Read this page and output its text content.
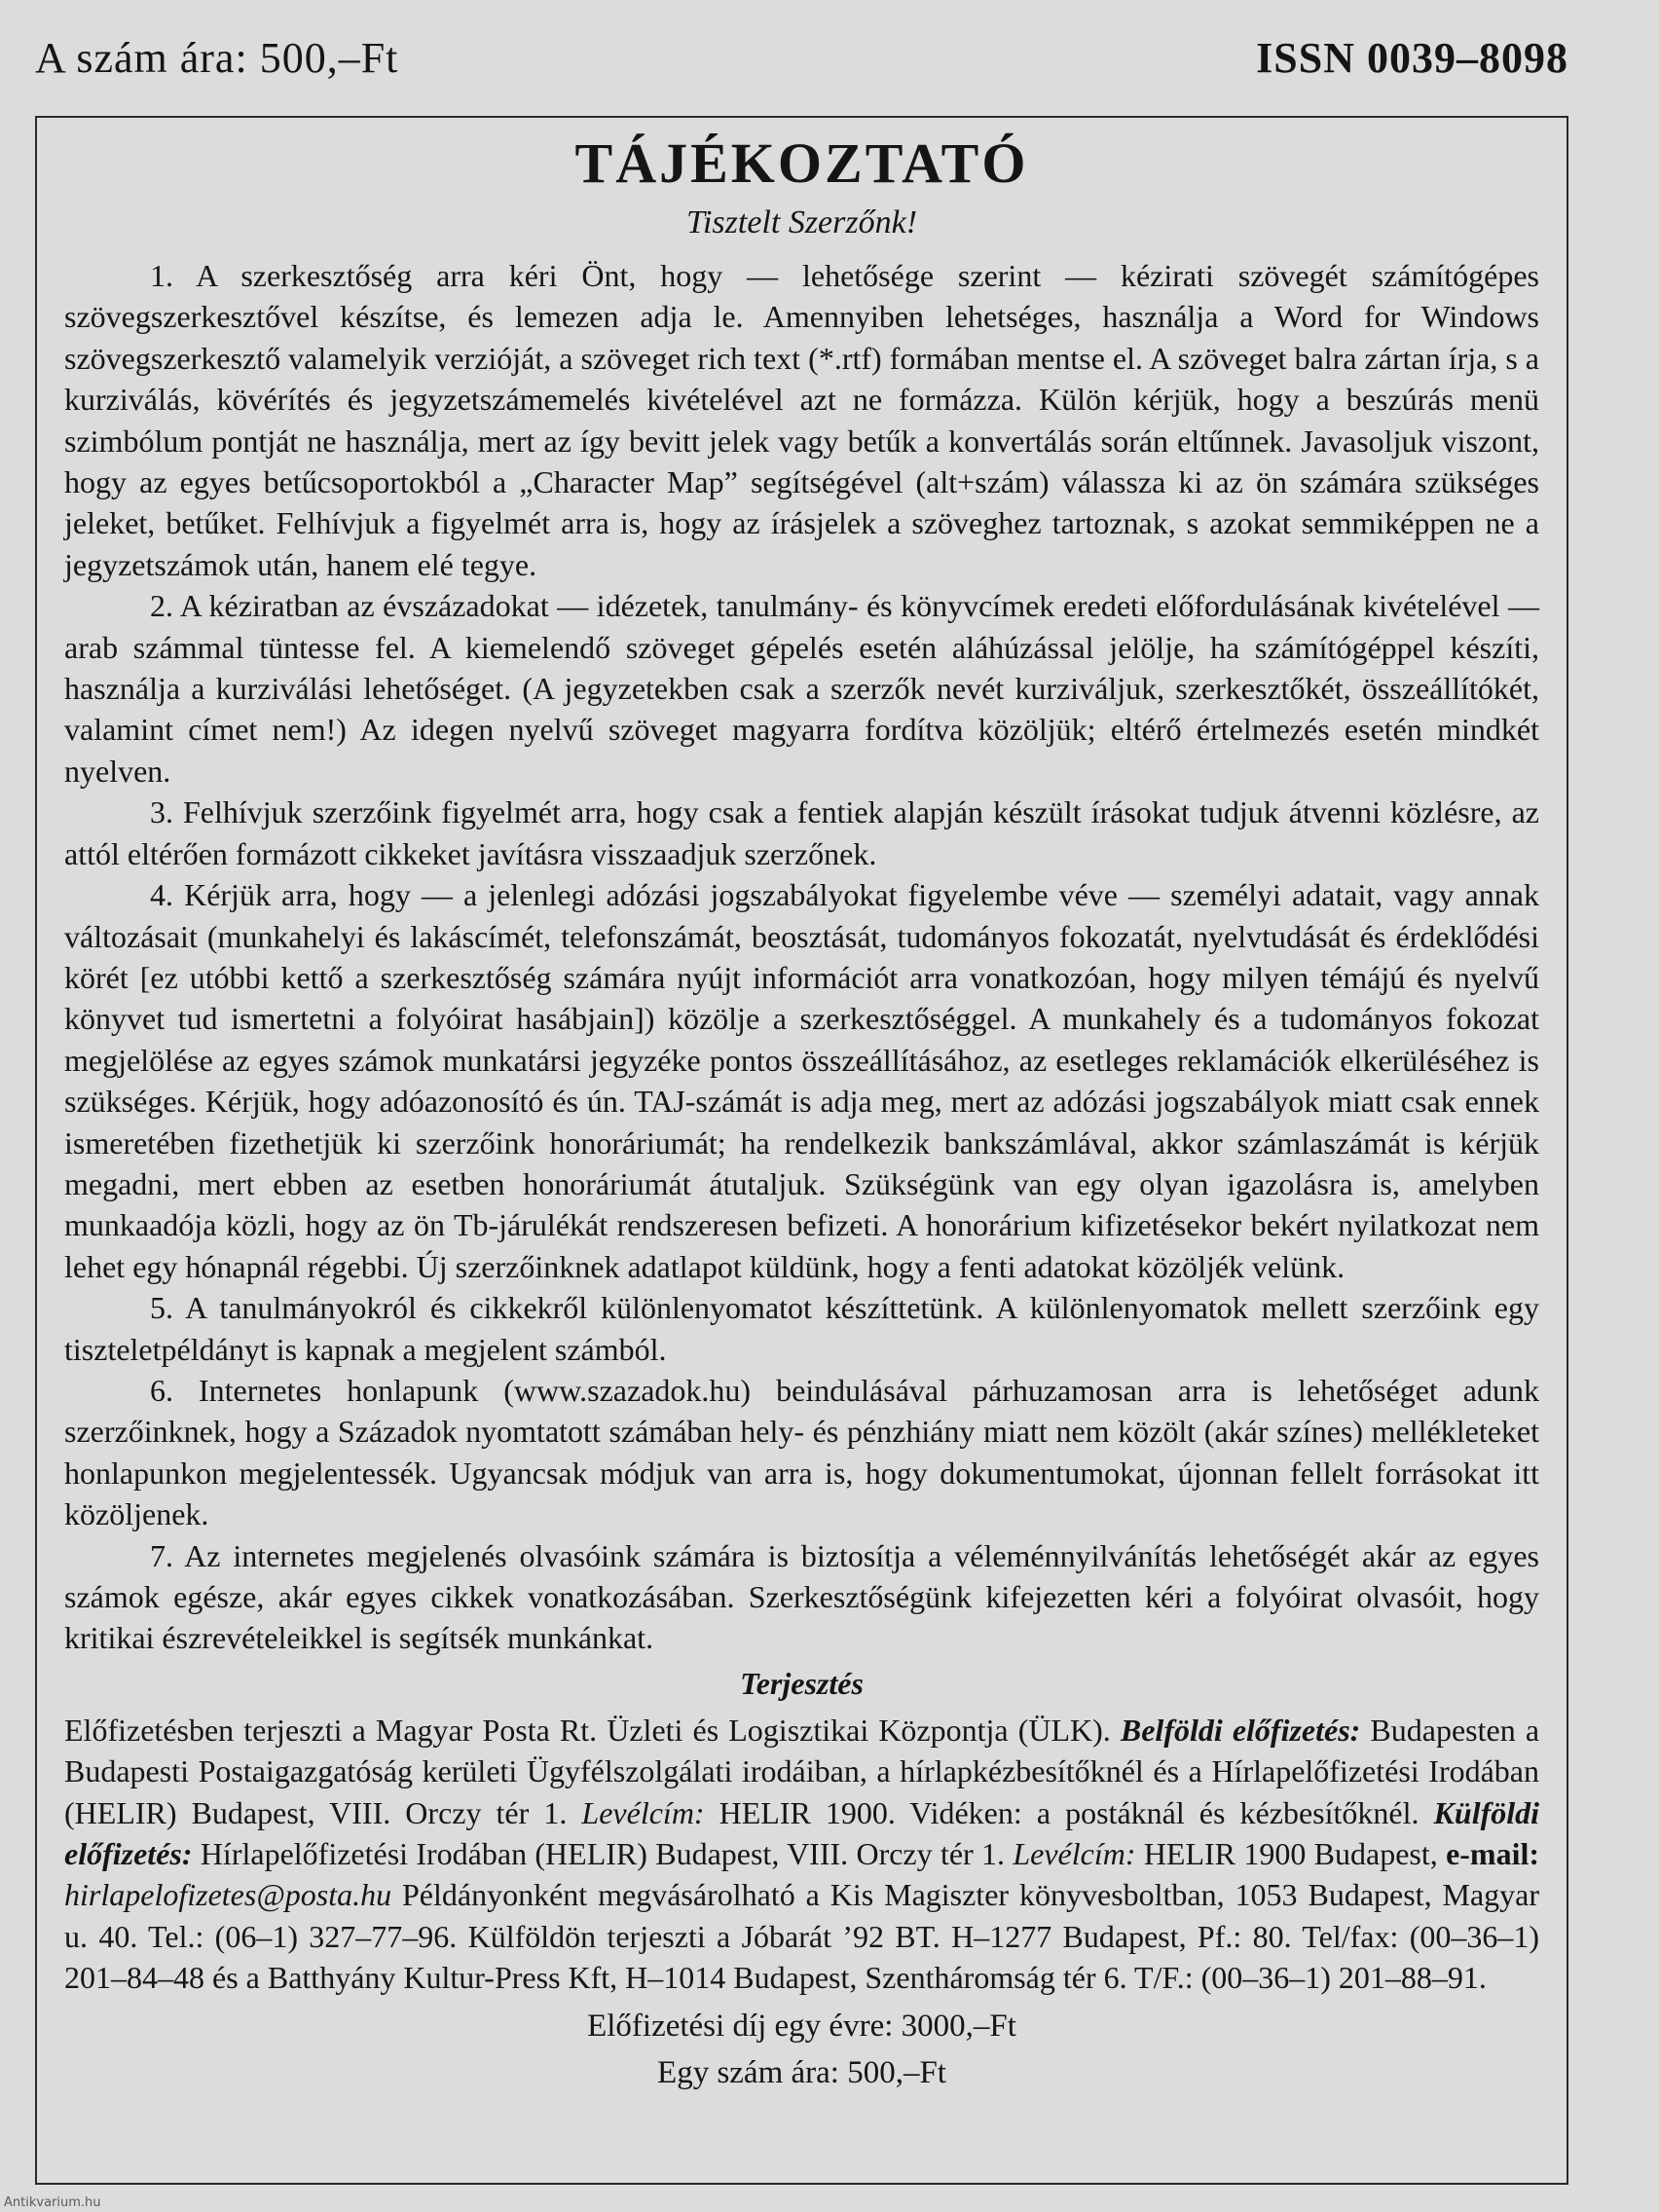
A szám ára: 500,–Ft	ISSN 0039–8098
TÁJÉKOZTATÓ

Tisztelt Szerzőnk!

1. A szerkesztőség arra kéri Önt, hogy — lehetősége szerint — kézirati szövegét számítógépes szövegszerkesztővel készítse, és lemezen adja le. Amennyiben lehetséges, használja a Word for Windows szövegszerkesztő valamelyik verzióját, a szöveget rich text (*.rtf) formában mentse el. A szöveget balra zártan írja, s a kurziválás, kövérítés és jegyzetszámemelés kivételével azt ne formázza. Külön kérjük, hogy a beszúrás menü szimbólum pontját ne használja, mert az így bevitt jelek vagy betűk a konvertálás során eltűnnek. Javasoljuk viszont, hogy az egyes betűcsoportokból a „Character Map” segítségével (alt+szám) válassza ki az ön számára szükséges jeleket, betűket. Felhívjuk a figyelmét arra is, hogy az írásjelek a szöveghez tartoznak, s azokat semmiképpen ne a jegyzetszámok után, hanem elé tegye.

2. A kéziratban az évszázadokat — idézetek, tanulmány- és könyvcímek eredeti előfordulásának kivételével — arab számmal tüntesse fel. A kiemelendő szöveget gépelés esetén aláhúzással jelölje, ha számítógéppel készíti, használja a kurziválási lehetőséget. (A jegyzetekben csak a szerzők nevét kurziváljuk, szerkesztőkét, összeállítókét, valamint címet nem!) Az idegen nyelvű szöveget magyarra fordítva közöljük; eltérő értelmezés esetén mindkét nyelven.

3. Felhívjuk szerzőink figyelmét arra, hogy csak a fentiek alapján készült írásokat tudjuk átvenni közlésre, az attól eltérően formázott cikkeket javításra visszaadjuk szerzőnek.

4. Kérjük arra, hogy — a jelenlegi adózási jogszabályokat figyelembe véve — személyi adatait, vagy annak változásait (munkahelyi és lakáscímét, telefonszámát, beosztását, tudományos fokozatát, nyelvtudását és érdeklődési körét [ez utóbbi kettő a szerkesztőség számára nyújt információt arra vonatkozóan, hogy milyen témájú és nyelvű könyvet tud ismertetni a folyóirat hasábjain]) közölje a szerkesztőséggel. A munkahely és a tudományos fokozat megjelölése az egyes számok munkatársi jegyzéke pontos összeállításához, az esetleges reklamációk elkerüléséhez is szükséges. Kérjük, hogy adóazonosító és ún. TAJ-számát is adja meg, mert az adózási jogszabályok miatt csak ennek ismeretében fizethetjük ki szerzőink honoráriumát; ha rendelkezik bankszámlával, akkor számlaszámát is kérjük megadni, mert ebben az esetben honoráriumát átutaljuk. Szükségünk van egy olyan igazolásra is, amelyben munkaadója közli, hogy az ön Tb-járulékát rendszeresen befizeti. A honorárium kifizetésekor bekért nyilatkozat nem lehet egy hónapnál régebbi. Új szerzőinknek adatlapot küldünk, hogy a fenti adatokat közöljék velünk.

5. A tanulmányokról és cikkekről különlenyomatot készíttetünk. A különlenyomatok mellett szerzőink egy tiszteletpéldányt is kapnak a megjelent számból.

6. Internetes honlapunk (www.szazadok.hu) beindulásával párhuzamosan arra is lehetőséget adunk szerzőinknek, hogy a Századok nyomtatott számában hely- és pénzhiány miatt nem közölt (akár színes) mellékleteket honlapunkon megjelentessék. Ugyancsak módjuk van arra is, hogy dokumentumokat, újonnan fellelt forrásokat itt közöljenek.

7. Az internetes megjelenés olvasóink számára is biztosítja a véleménnyilvánítás lehetőségét akár az egyes számok egésze, akár egyes cikkek vonatkozásában. Szerkesztőségünk kifejezetten kéri a folyóirat olvasóit, hogy kritikai észrevételeikkel is segítsék munkánkat.

Terjesztés

Előfizetésben terjeszti a Magyar Posta Rt. Üzleti és Logisztikai Központja (ÜLK). Belföldi előfizetés: Budapesten a Budapesti Postaigazgatóság kerületi Ügyfélszolgálati irodáiban, a hírlapkézbesítőknél és a Hírlapelőfizetési Irodában (HELIR) Budapest, VIII. Orczy tér 1. Levélcím: HELIR 1900. Vidéken: a postáknál és kézbesítőknél. Külföldi előfizetés: Hírlapelőfizetési Irodában (HELIR) Budapest, VIII. Orczy tér 1. Levélcím: HELIR 1900 Budapest, e-mail: hirlapelofizetes@posta.hu Példányonként megvásárolható a Kis Magiszter könyvesboltban, 1053 Budapest, Magyar u. 40. Tel.: (06–1) 327–77–96. Külföldön terjeszti a Jóbarát ’92 BT. H–1277 Budapest, Pf.: 80. Tel/fax: (00–36–1) 201–84–48 és a Batthyány Kultur-Press Kft, H–1014 Budapest, Szentháromság tér 6. T/F.: (00–36–1) 201–88–91.

Előfizetési díj egy évre: 3000,–Ft

Egy szám ára: 500,–Ft

Antikvarium.hu
